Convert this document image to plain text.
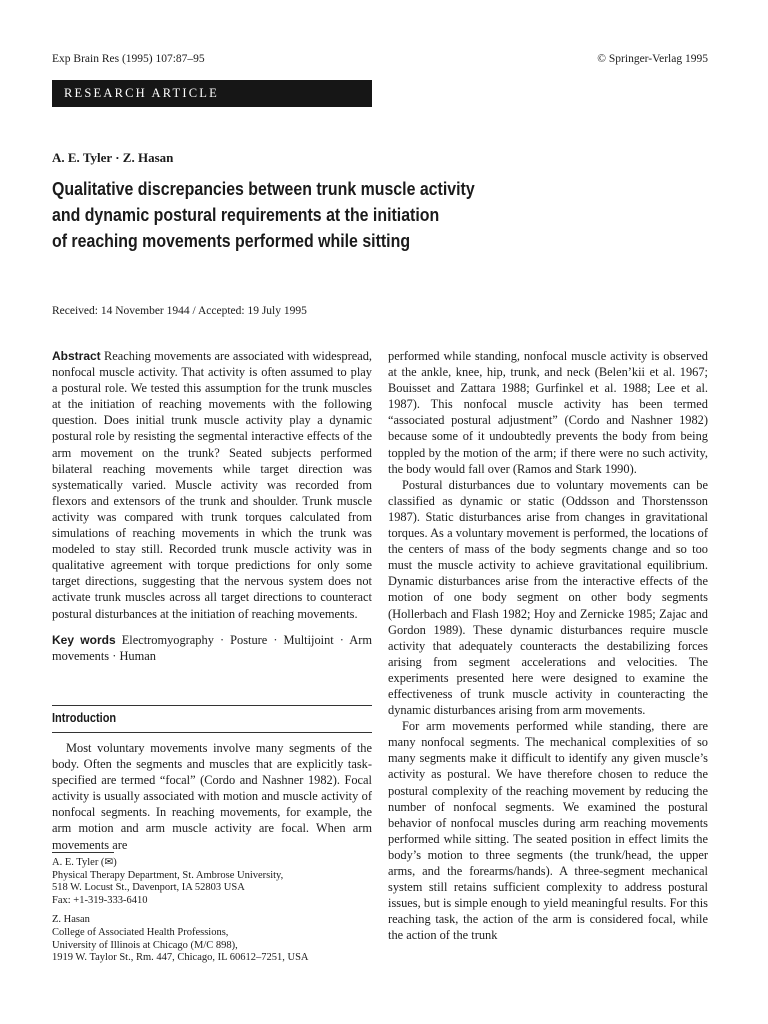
Exp Brain Res (1995) 107:87–95	© Springer-Verlag 1995
RESEARCH ARTICLE
A. E. Tyler · Z. Hasan
Qualitative discrepancies between trunk muscle activity
and dynamic postural requirements at the initiation
of reaching movements performed while sitting
Received: 14 November 1944 / Accepted: 19 July 1995

Abstract Reaching movements are associated with widespread, nonfocal muscle activity. That activity is often assumed to play a postural role. We tested this assumption for the trunk muscles at the initiation of reaching movements with the following question. Does initial trunk muscle activity play a dynamic postural role by resisting the segmental interactive effects of the arm movement on the trunk? Seated subjects performed bilateral reaching movements while target direction was systematically varied. Muscle activity was recorded from flexors and extensors of the trunk and shoulder. Trunk muscle activity was compared with trunk torques calculated from simulations of reaching movements in which the trunk was modeled to stay still. Recorded trunk muscle activity was in qualitative agreement with torque predictions for only some target directions, suggesting that the nervous system does not activate trunk muscles across all target directions to counteract postural disturbances at the initiation of reaching movements.

Key words Electromyography · Posture · Multijoint · Arm movements · Human

Introduction

Most voluntary movements involve many segments of the body. Often the segments and muscles that are explicitly task-specified are termed “focal” (Cordo and Nashner 1982). Focal activity is usually associated with motion and muscle activity of nonfocal segments. In reaching movements, for example, the arm motion and arm muscle activity are focal. When arm movements are

A. E. Tyler (✉)
Physical Therapy Department, St. Ambrose University,
518 W. Locust St., Davenport, IA 52803 USA
Fax: +1-319-333-6410
Z. Hasan
College of Associated Health Professions,
University of Illinois at Chicago (M/C 898),
1919 W. Taylor St., Rm. 447, Chicago, IL 60612–7251, USA

performed while standing, nonfocal muscle activity is observed at the ankle, knee, hip, trunk, and neck (Belen’kii et al. 1967; Bouisset and Zattara 1988; Gurfinkel et al. 1988; Lee et al. 1987). This nonfocal muscle activity has been termed “associated postural adjustment” (Cordo and Nashner 1982) because some of it undoubtedly prevents the body from being toppled by the motion of the arm; if there were no such activity, the body would fall over (Ramos and Stark 1990).

Postural disturbances due to voluntary movements can be classified as dynamic or static (Oddsson and Thorstensson 1987). Static disturbances arise from changes in gravitational torques. As a voluntary movement is performed, the locations of the centers of mass of the body segments change and so too must the muscle activity to achieve gravitational equilibrium. Dynamic disturbances arise from the interactive effects of the motion of one body segment on other body segments (Hollerbach and Flash 1982; Hoy and Zernicke 1985; Zajac and Gordon 1989). These dynamic disturbances require muscle activity that adequately counteracts the destabilizing forces arising from segment accelerations and velocities. The experiments presented here were designed to examine the effectiveness of trunk muscle activity in counteracting the dynamic disturbances arising from arm movements.

For arm movements performed while standing, there are many nonfocal segments. The mechanical complexities of so many segments make it difficult to identify any given muscle’s activity as postural. We have therefore chosen to reduce the postural complexity of the reaching movement by reducing the number of nonfocal segments. We examined the postural behavior of nonfocal muscles during arm reaching movements performed while sitting. The seated position in effect limits the body’s motion to three segments (the trunk/head, the upper arms, and the forearms/hands). A three-segment mechanical system still retains sufficient complexity to address postural issues, but is simple enough to yield meaningful results. For this reaching task, the action of the arm is considered focal, while the action of the trunk
